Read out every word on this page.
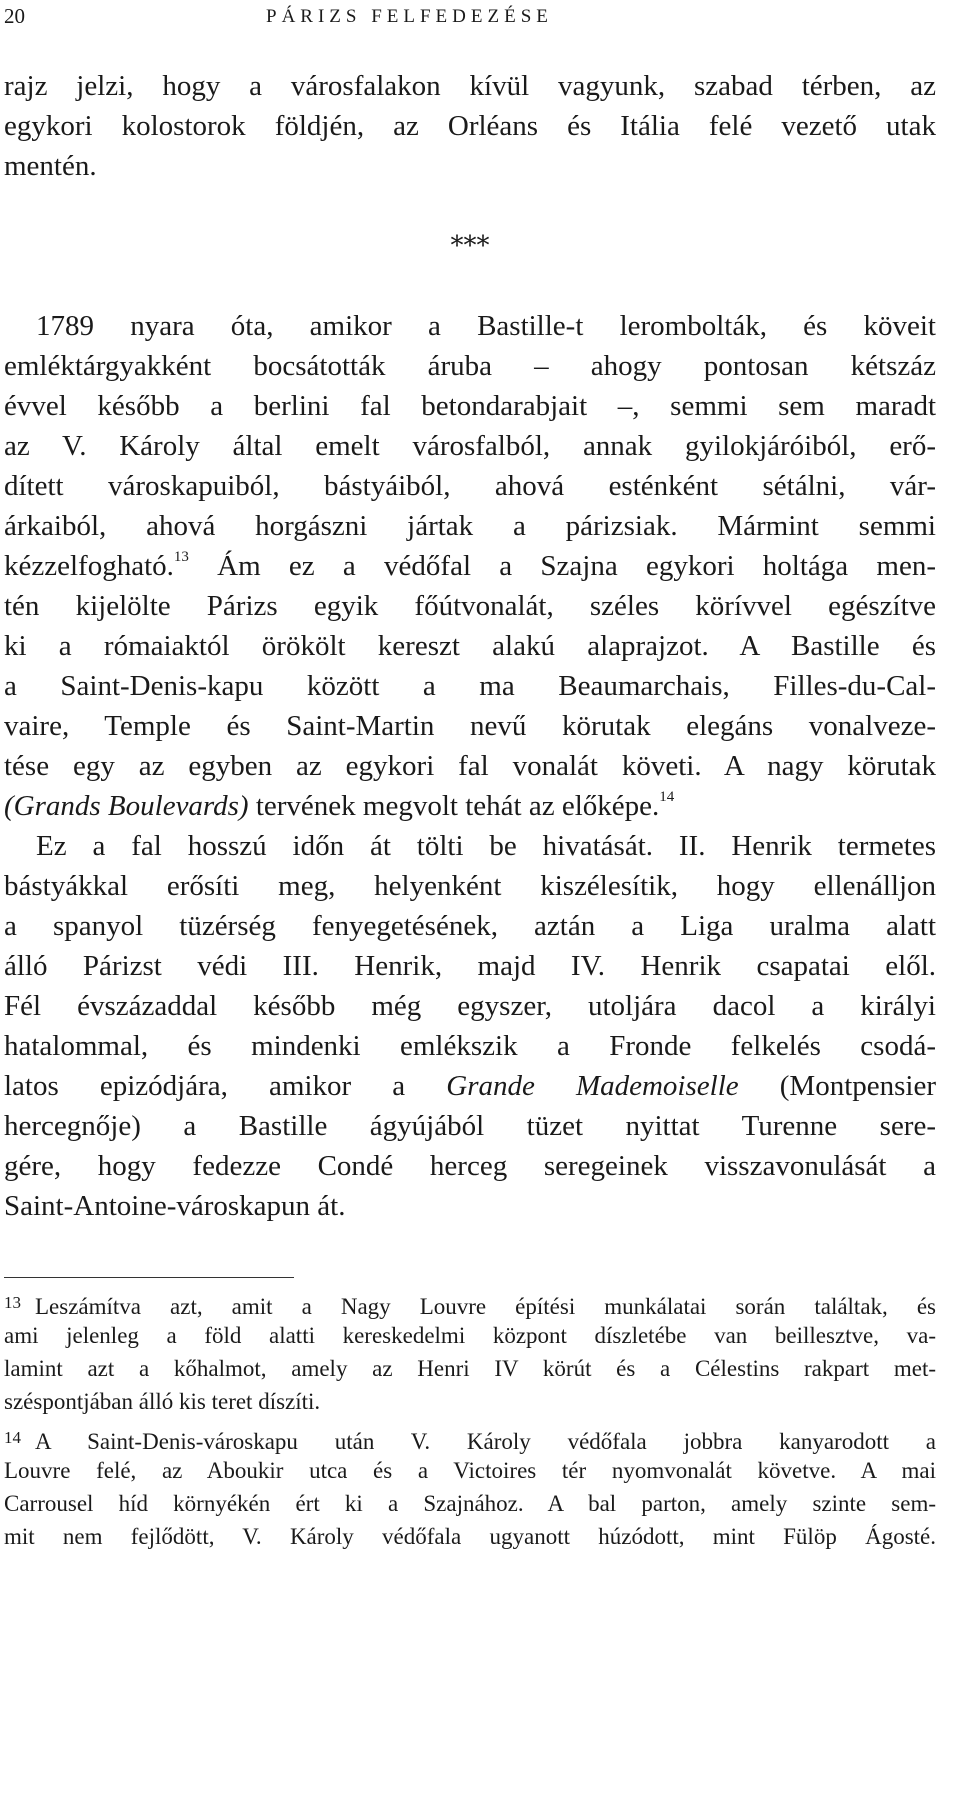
20	PÁRIZS FELFEDEZÉSE
rajz jelzi, hogy a városfalakon kívül vagyunk, szabad térben, az
egykori kolostorok földjén, az Orléans és Itália felé vezető utak
mentén.
***
1789 nyara óta, amikor a Bastille-t lerombolták, és köveit
emléktárgyakként bocsátották áruba – ahogy pontosan kétszáz
évvel később a berlini fal betondarabjait –, semmi sem maradt
az V. Károly által emelt városfalból, annak gyilokjáróiból, erő-
dített városkapuiból, bástyáiból, ahová esténként sétálni, vár-
árkaiból, ahová horgászni jártak a párizsiak. Mármint semmi
kézzelfogható.$^{13}$ Ám ez a védőfal a Szajna egykori holtága men-
tén kijelölte Párizs egyik főútvonalát, széles körívvel egészítve
ki a rómaiaktól örökölt kereszt alakú alaprajzot. A Bastille és
a Saint-Denis-kapu között a ma Beaumarchais, Filles-du-Cal-
vaire, Temple és Saint-Martin nevű körutak elegáns vonalveze-
tése egy az egyben az egykori fal vonalát követi. A nagy körutak
(Grands Boulevards) tervének megvolt tehát az előképe.$^{14}$
Ez a fal hosszú időn át tölti be hivatását. II. Henrik termetes
bástyákkal erősíti meg, helyenként kiszélesítik, hogy ellenálljon
a spanyol tüzérség fenyegetésének, aztán a Liga uralma alatt
álló Párizst védi III. Henrik, majd IV. Henrik csapatai elől.
Fél évszázaddal később még egyszer, utoljára dacol a királyi
hatalommal, és mindenki emlékszik a Fronde felkelés csodá-
latos epizódjára, amikor a Grande Mademoiselle (Montpensier
hercegnője) a Bastille ágyújából tüzet nyittat Turenne sere-
gére, hogy fedezze Condé herceg seregeinek visszavonulását a
Saint-Antoine-városkapun át.
$^{13}$ Leszámítva azt, amit a Nagy Louvre építési munkálatai során találtak, és
ami jelenleg a föld alatti kereskedelmi központ díszletébe van beillesztve, va-
lamint azt a kőhalmot, amely az Henri IV körút és a Célestins rakpart met-
széspontjában álló kis teret díszíti.
$^{14}$ A Saint-Denis-városkapu után V. Károly védőfala jobbra kanyarodott a
Louvre felé, az Aboukir utca és a Victoires tér nyomvonalát követve. A mai
Carrousel híd környékén ért ki a Szajnához. A bal parton, amely szinte sem-
mit nem fejlődött, V. Károly védőfala ugyanott húzódott, mint Fülöp Ágosté.
